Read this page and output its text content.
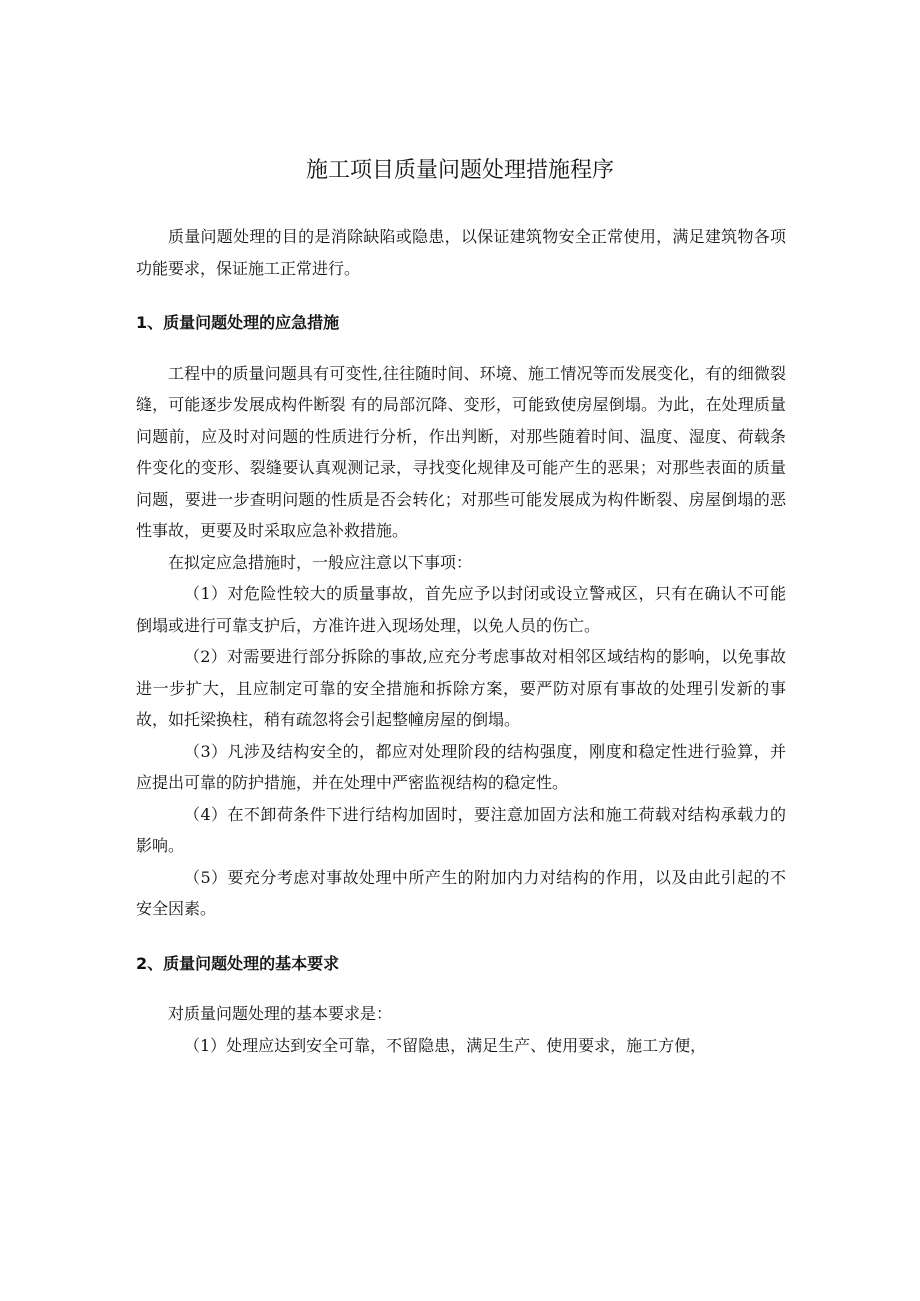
施工项目质量问题处理措施程序

质量问题处理的目的是消除缺陷或隐患，以保证建筑物安全正常使用，满足建筑物各项功能要求，保证施工正常进行。

1、质量问题处理的应急措施

工程中的质量问题具有可变性,往往随时间、环境、施工情况等而发展变化，有的细微裂缝，可能逐步发展成构件断裂 有的局部沉降、变形，可能致使房屋倒塌。为此，在处理质量问题前，应及时对问题的性质进行分析，作出判断，对那些随着时间、温度、湿度、荷载条件变化的变形、裂缝要认真观测记录，寻找变化规律及可能产生的恶果；对那些表面的质量问题，要进一步查明问题的性质是否会转化；对那些可能发展成为构件断裂、房屋倒塌的恶性事故，更要及时采取应急补救措施。

在拟定应急措施时，一般应注意以下事项：

（1）对危险性较大的质量事故，首先应予以封闭或设立警戒区，只有在确认不可能倒塌或进行可靠支护后，方准许进入现场处理，以免人员的伤亡。

（2）对需要进行部分拆除的事故,应充分考虑事故对相邻区域结构的影响，以免事故进一步扩大，且应制定可靠的安全措施和拆除方案，要严防对原有事故的处理引发新的事故，如托梁换柱，稍有疏忽将会引起整幢房屋的倒塌。

（3）凡涉及结构安全的，都应对处理阶段的结构强度，刚度和稳定性进行验算，并应提出可靠的防护措施，并在处理中严密监视结构的稳定性。

（4）在不卸荷条件下进行结构加固时，要注意加固方法和施工荷载对结构承载力的影响。

（5）要充分考虑对事故处理中所产生的附加内力对结构的作用，以及由此引起的不安全因素。

2、质量问题处理的基本要求

对质量问题处理的基本要求是：

（1）处理应达到安全可靠，不留隐患，满足生产、使用要求，施工方便，
